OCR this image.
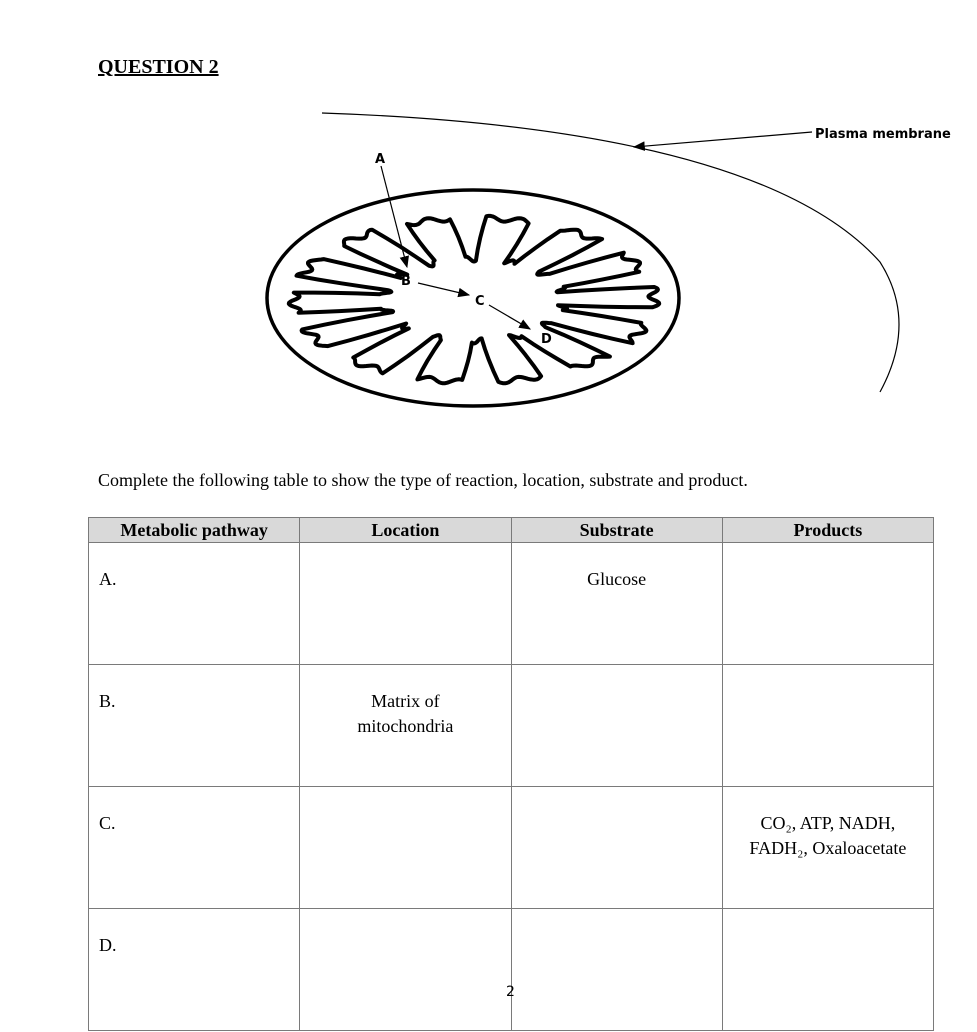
QUESTION 2
Plasma membrane
A
B
C
D
Complete the following table to show the type of reaction, location, substrate and product.
Metabolic pathway	Location	Substrate	Products
A.		Glucose	
B.	Matrix of
mitochondria		

C.			CO₂, ATP, NADH,
FADH₂, Oxaloacetate

D.			
2
